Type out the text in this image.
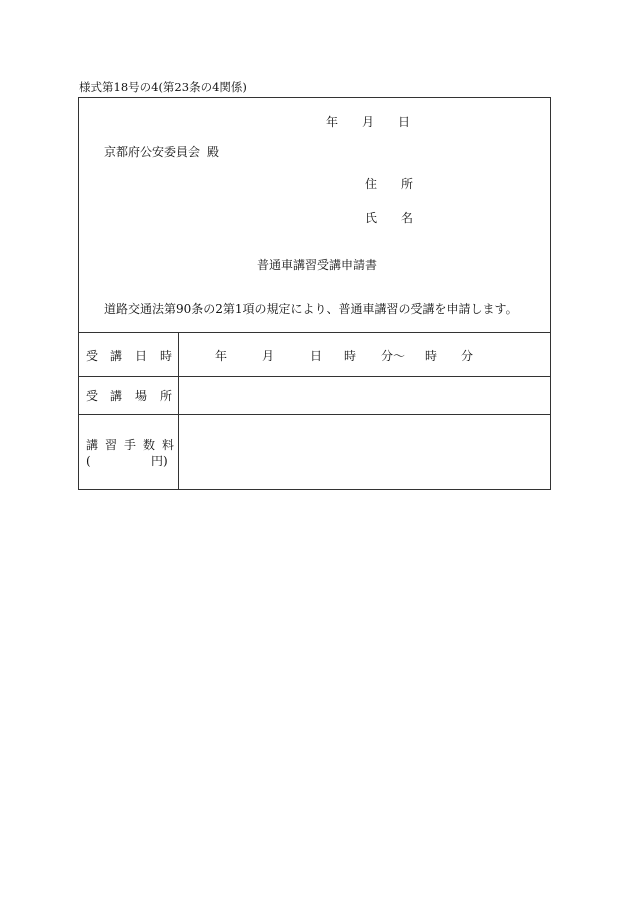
様式第18号の4(第23条の4関係)
年 月 日
京都府公安委員会 殿
住 所
氏 名
普通車講習受講申請書
道路交通法第90条の2第1項の規定により、普通車講習の受講を申請します。
受 講 日 時	年	月	日 時 分〜 時 分
受 講 場 所
講 習 手 数 料
(	円)
